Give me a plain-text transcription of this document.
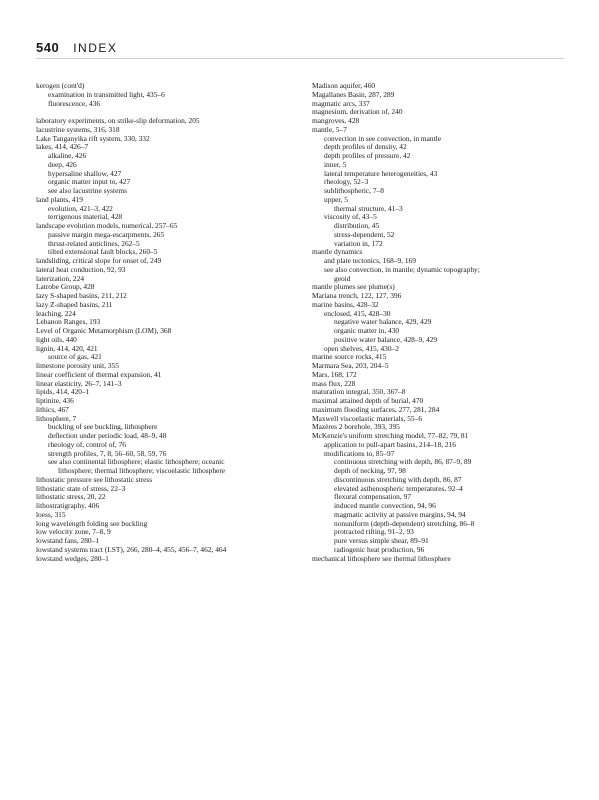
540 INDEX
kerogen (cont'd)
examination in transmitted light, 435–6
fluorescence, 436
laboratory experiments, on strike-slip deformation, 205
lacustrine systems, 316, 318
Lake Tanganyika rift system, 330, 332
lakes, 414, 426–7
alkaline, 426
deep, 426
hypersaline shallow, 427
organic matter input to, 427
see also lacustrine systems
land plants, 419
evolution, 421–3, 422
terrigenous material, 428
landscape evolution models, numerical, 257–65
passive margin mega-escarpments, 265
thrust-related anticlines, 262–5
tilted extensional fault blocks, 260–5
landsliding, critical slope for onset of, 249
lateral heat conduction, 92, 93
laterization, 224
Latrobe Group, 428
lazy S-shaped basins, 211, 212
lazy Z-shaped basins, 211
leaching, 224
Lebanon Ranges, 193
Level of Organic Metamorphism (LOM), 368
light oils, 440
lignin, 414, 420, 421
source of gas, 421
limestone porosity unit, 355
linear coefficient of thermal expansion, 41
linear elasticity, 26–7, 141–3
lipids, 414, 420–1
liptinite, 436
lithics, 467
lithosphere, 7
buckling of see buckling, lithosphere
deflection under periodic load, 48–9, 48
rheology of, control of, 76
strength profiles, 7, 8, 56–60, 58, 59, 76
see also continental lithosphere; elastic lithosphere; oceanic
lithosphere; thermal lithosphere; viscoelastic lithosphere
lithostatic pressure see lithostatic stress
lithostatic state of stress, 22–3
lithostatic stress, 20, 22
lithostratigraphy, 406
loess, 315
long wavelength folding see buckling
low velocity zone, 7–8, 9
lowstand fans, 280–1
lowstand systems tract (LST), 266, 280–4, 455, 456–7, 462, 464
lowstand wedges, 280–1
Madison aquifer, 460
Magallanes Basin, 287, 289
magmatic arcs, 337
magnesium, derivation of, 240
mangroves, 428
mantle, 5–7
convection in see convection, in mantle
depth profiles of density, 42
depth profiles of pressure, 42
inner, 5
lateral temperature heterogeneities, 43
rheology, 52–3
sublithospheric, 7–8
upper, 5
thermal structure, 41–3
viscosity of, 43–5
distribution, 45
stress-dependent, 52
variation in, 172
mantle dynamics
and plate tectonics, 168–9, 169
see also convection, in mantle; dynamic topography;
geoid
mantle plumes see plume(s)
Mariana trench, 122, 127, 396
marine basins, 428–32
enclosed, 415, 428–30
negative water balance, 429, 429
organic matter in, 430
positive water balance, 428–9, 429
open shelves, 415, 430–2
marine source rocks, 415
Marmara Sea, 203, 204–5
Mars, 168, 172
mass flux, 228
maturation integral, 350, 367–8
maximal attained depth of burial, 470
maximum flooding surfaces, 277, 281, 284
Maxwell viscoelastic materials, 55–6
Mazères 2 borehole, 393, 395
McKenzie's uniform stretching model, 77–82, 79, 81
application to pull-apart basins, 214–18, 216
modifications to, 85–97
continuous stretching with depth, 86, 87–9, 89
depth of necking, 97, 98
discontinuous stretching with depth, 86, 87
elevated asthenospheric temperatures, 92–4
flexural compensation, 97
induced mantle convection, 94, 96
magmatic activity at passive margins, 94, 94
nonuniform (depth-dependent) stretching, 86–8
protracted rifting, 91–2, 93
pure versus simple shear, 89–91
radiogenic heat production, 96
mechanical lithosphere see thermal lithosphere
